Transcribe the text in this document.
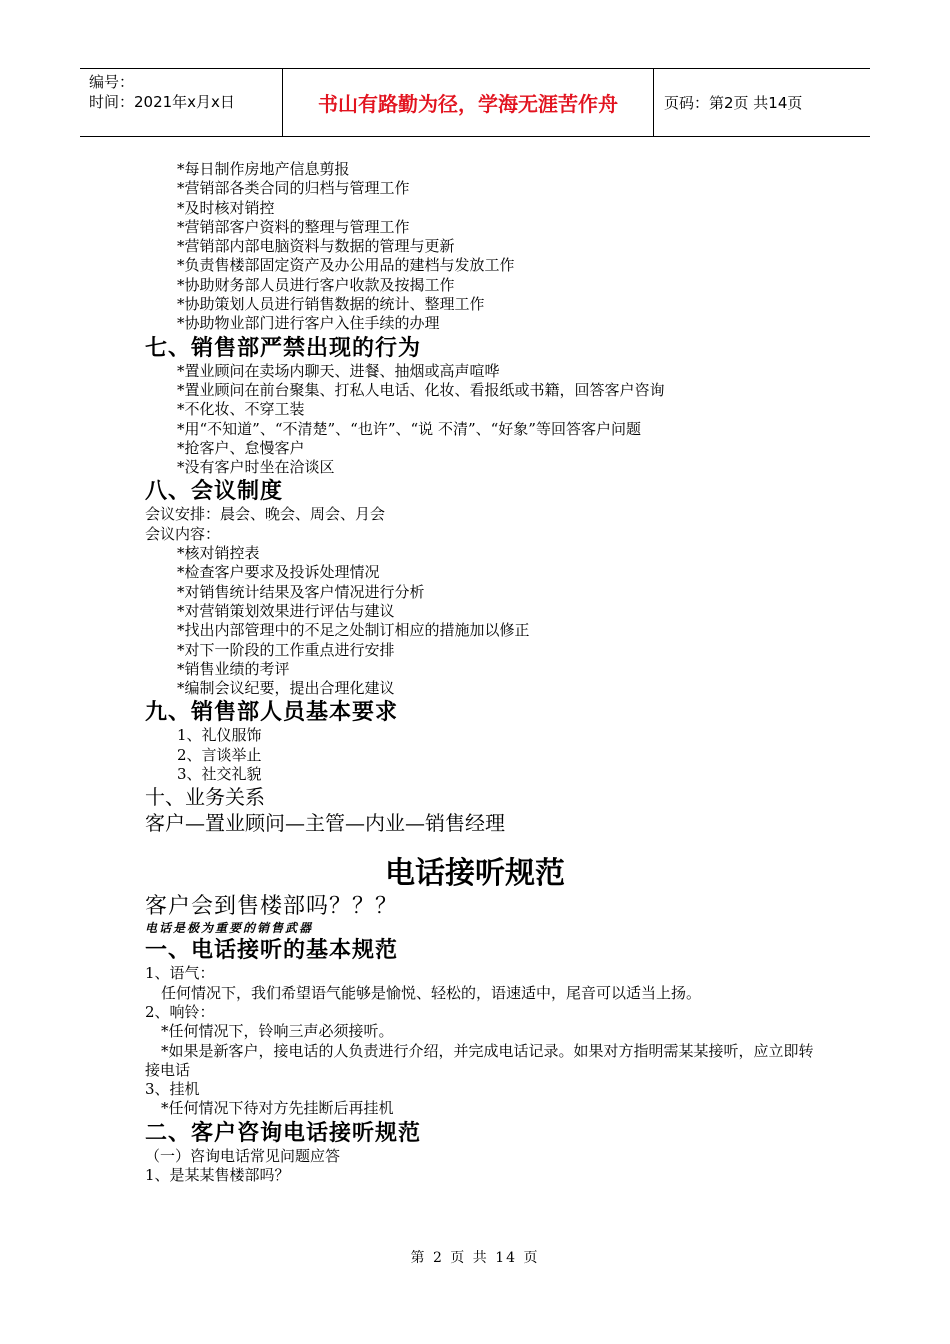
编号：
时间：2021年x月x日	书山有路勤为径，学海无涯苦作舟	页码：第2页 共14页
*每日制作房地产信息剪报
*营销部各类合同的归档与管理工作
*及时核对销控
*营销部客户资料的整理与管理工作
*营销部内部电脑资料与数据的管理与更新
*负责售楼部固定资产及办公用品的建档与发放工作
*协助财务部人员进行客户收款及按揭工作
*协助策划人员进行销售数据的统计、整理工作
*协助物业部门进行客户入住手续的办理
七、销售部严禁出现的行为
*置业顾问在卖场内聊天、进餐、抽烟或高声喧哗
*置业顾问在前台聚集、打私人电话、化妆、看报纸或书籍，回答客户咨询
*不化妆、不穿工装
*用“不知道”、“不清楚”、“也许”、“说 不清”、“好象”等回答客户问题
*抢客户、怠慢客户
*没有客户时坐在洽谈区
八、会议制度
会议安排：晨会、晚会、周会、月会
会议内容：
*核对销控表
*检查客户要求及投诉处理情况
*对销售统计结果及客户情况进行分析
*对营销策划效果进行评估与建议
*找出内部管理中的不足之处制订相应的措施加以修正
*对下一阶段的工作重点进行安排
*销售业绩的考评
*编制会议纪要，提出合理化建议
九、销售部人员基本要求
1、礼仪服饰
2、言谈举止
3、社交礼貌
十、业务关系
客户—置业顾问—主管—内业—销售经理
电话接听规范
客户会到售楼部吗？？？
电话是极为重要的销售武器
一、电话接听的基本规范
1、语气：
任何情况下，我们希望语气能够是愉悦、轻松的，语速适中，尾音可以适当上扬。
2、响铃：
*任何情况下，铃响三声必须接听。
*如果是新客户，接电话的人负责进行介绍，并完成电话记录。如果对方指明需某某接听，应立即转接电话
3、挂机
*任何情况下待对方先挂断后再挂机
二、客户咨询电话接听规范
（一）咨询电话常见问题应答
1、是某某售楼部吗？
第 2 页 共 14 页
